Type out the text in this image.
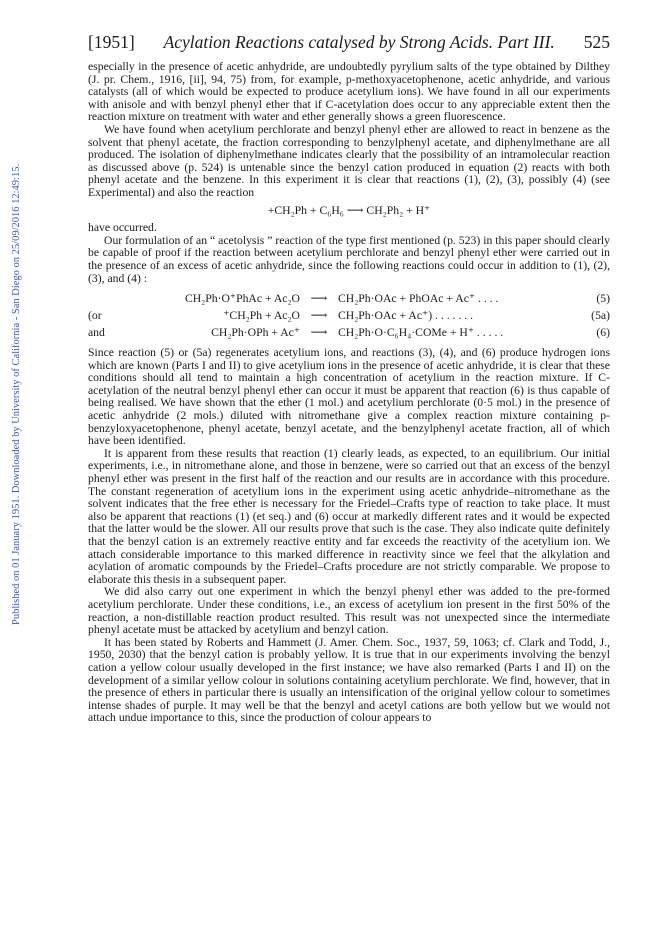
[1951] Acylation Reactions catalysed by Strong Acids. Part III. 525
Published on 01 January 1951. Downloaded by University of California - San Diego on 25/09/2016 12:49:15.

especially in the presence of acetic anhydride, are undoubtedly pyrylium salts of the type obtained by Dilthey (J. pr. Chem., 1916, [ii], 94, 75) from, for example, p-methoxyacetophenone, acetic anhydride, and various catalysts (all of which would be expected to produce acetylium ions). We have found in all our experiments with anisole and with benzyl phenyl ether that if C-acetylation does occur to any appreciable extent then the reaction mixture on treatment with water and ether generally shows a green fluorescence.

We have found when acetylium perchlorate and benzyl phenyl ether are allowed to react in benzene as the solvent that phenyl acetate, the fraction corresponding to benzylphenyl acetate, and diphenylmethane are all produced. The isolation of diphenylmethane indicates clearly that the possibility of an intramolecular reaction as discussed above (p. 524) is untenable since the benzyl cation produced in equation (2) reacts with both phenyl acetate and the benzene. In this experiment it is clear that reactions (1), (2), (3), possibly (4) (see Experimental) and also the reaction

+CH₂Ph + C₆H₆ ⟶ CH₂Ph₂ + H⁺

have occurred.

Our formulation of an “ acetolysis ” reaction of the type first mentioned (p. 523) in this paper should clearly be capable of proof if the reaction between acetylium perchlorate and benzyl phenyl ether were carried out in the presence of an excess of acetic anhydride, since the following reactions could occur in addition to (1), (2), (3), and (4) :

CH₂Ph·O⁺PhAc + Ac₂O ⟶ CH₂Ph·OAc + PhOAc + Ac⁺ . . . .	(5)
(or	⁺CH₂Ph + Ac₂O ⟶ CH₂Ph·OAc + Ac⁺) . . . . . . .	(5a)
and	CH₂Ph·OPh + Ac⁺ ⟶ CH₂Ph·O·C₆H₄·COMe + H⁺ . . . . .	(6)

Since reaction (5) or (5a) regenerates acetylium ions, and reactions (3), (4), and (6) produce hydrogen ions which are known (Parts I and II) to give acetylium ions in the presence of acetic anhydride, it is clear that these conditions should all tend to maintain a high concentration of acetylium in the reaction mixture. If C-acetylation of the neutral benzyl phenyl ether can occur it must be apparent that reaction (6) is thus capable of being realised. We have shown that the ether (1 mol.) and acetylium perchlorate (0·5 mol.) in the presence of acetic anhydride (2 mols.) diluted with nitromethane give a complex reaction mixture containing p-benzyloxyacetophenone, phenyl acetate, benzyl acetate, and the benzylphenyl acetate fraction, all of which have been identified.

It is apparent from these results that reaction (1) clearly leads, as expected, to an equilibrium. Our initial experiments, i.e., in nitromethane alone, and those in benzene, were so carried out that an excess of the benzyl phenyl ether was present in the first half of the reaction and our results are in accordance with this procedure. The constant regeneration of acetylium ions in the experiment using acetic anhydride–nitromethane as the solvent indicates that the free ether is necessary for the Friedel–Crafts type of reaction to take place. It must also be apparent that reactions (1) (et seq.) and (6) occur at markedly different rates and it would be expected that the latter would be the slower. All our results prove that such is the case. They also indicate quite definitely that the benzyl cation is an extremely reactive entity and far exceeds the reactivity of the acetylium ion. We attach considerable importance to this marked difference in reactivity since we feel that the alkylation and acylation of aromatic compounds by the Friedel–Crafts procedure are not strictly comparable. We propose to elaborate this thesis in a subsequent paper.

We did also carry out one experiment in which the benzyl phenyl ether was added to the pre-formed acetylium perchlorate. Under these conditions, i.e., an excess of acetylium ion present in the first 50% of the reaction, a non-distillable reaction product resulted. This result was not unexpected since the intermediate phenyl acetate must be attacked by acetylium and benzyl cation.

It has been stated by Roberts and Hammett (J. Amer. Chem. Soc., 1937, 59, 1063; cf. Clark and Todd, J., 1950, 2030) that the benzyl cation is probably yellow. It is true that in our experiments involving the benzyl cation a yellow colour usually developed in the first instance; we have also remarked (Parts I and II) on the development of a similar yellow colour in solutions containing acetylium perchlorate. We find, however, that in the presence of ethers in particular there is usually an intensification of the original yellow colour to sometimes intense shades of purple. It may well be that the benzyl and acetyl cations are both yellow but we would not attach undue importance to this, since the production of colour appears to
